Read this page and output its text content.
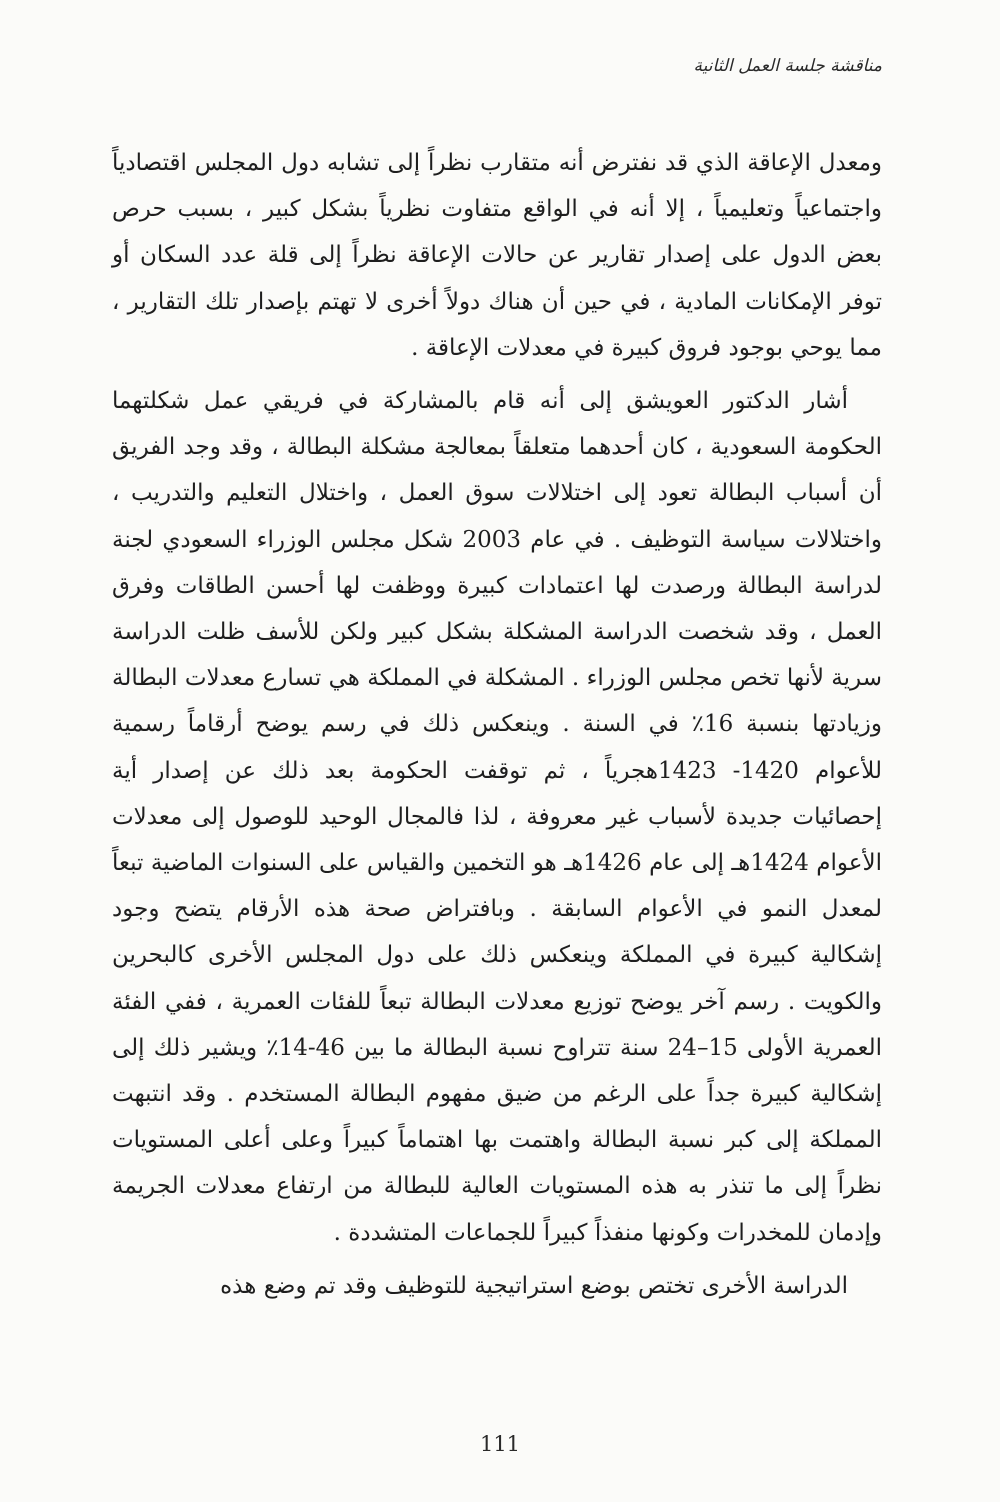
مناقشة جلسة العمل الثانية

ومعدل الإعاقة الذي قد نفترض أنه متقارب نظراً إلى تشابه دول المجلس اقتصادياً واجتماعياً وتعليمياً ، إلا أنه في الواقع متفاوت نظرياً بشكل كبير ، بسبب حرص بعض الدول على إصدار تقارير عن حالات الإعاقة نظراً إلى قلة عدد السكان أو توفر الإمكانات المادية ، في حين أن هناك دولاً أخرى لا تهتم بإصدار تلك التقارير ، مما يوحي بوجود فروق كبيرة في معدلات الإعاقة .

أشار الدكتور العويشق إلى أنه قام بالمشاركة في فريقي عمل شكلتهما الحكومة السعودية ، كان أحدهما متعلقاً بمعالجة مشكلة البطالة ، وقد وجد الفريق أن أسباب البطالة تعود إلى اختلالات سوق العمل ، واختلال التعليم والتدريب ، واختلالات سياسة التوظيف . في عام 2003 شكل مجلس الوزراء السعودي لجنة لدراسة البطالة ورصدت لها اعتمادات كبيرة ووظفت لها أحسن الطاقات وفرق العمل ، وقد شخصت الدراسة المشكلة بشكل كبير ولكن للأسف ظلت الدراسة سرية لأنها تخص مجلس الوزراء . المشكلة في المملكة هي تسارع معدلات البطالة وزيادتها بنسبة 16٪ في السنة . وينعكس ذلك في رسم يوضح أرقاماً رسمية للأعوام 1420- 1423هجرياً ، ثم توقفت الحكومة بعد ذلك عن إصدار أية إحصائيات جديدة لأسباب غير معروفة ، لذا فالمجال الوحيد للوصول إلى معدلات الأعوام 1424هـ إلى عام 1426هـ هو التخمين والقياس على السنوات الماضية تبعاً لمعدل النمو في الأعوام السابقة . وبافتراض صحة هذه الأرقام يتضح وجود إشكالية كبيرة في المملكة وينعكس ذلك على دول المجلس الأخرى كالبحرين والكويت . رسم آخر يوضح توزيع معدلات البطالة تبعاً للفئات العمرية ، ففي الفئة العمرية الأولى 15–24 سنة تتراوح نسبة البطالة ما بين 46-14٪ ويشير ذلك إلى إشكالية كبيرة جداً على الرغم من ضيق مفهوم البطالة المستخدم . وقد انتبهت المملكة إلى كبر نسبة البطالة واهتمت بها اهتماماً كبيراً وعلى أعلى المستويات نظراً إلى ما تنذر به هذه المستويات العالية للبطالة من ارتفاع معدلات الجريمة وإدمان للمخدرات وكونها منفذاً كبيراً للجماعات المتشددة .

الدراسة الأخرى تختص بوضع استراتيجية للتوظيف وقد تم وضع هذه

111
